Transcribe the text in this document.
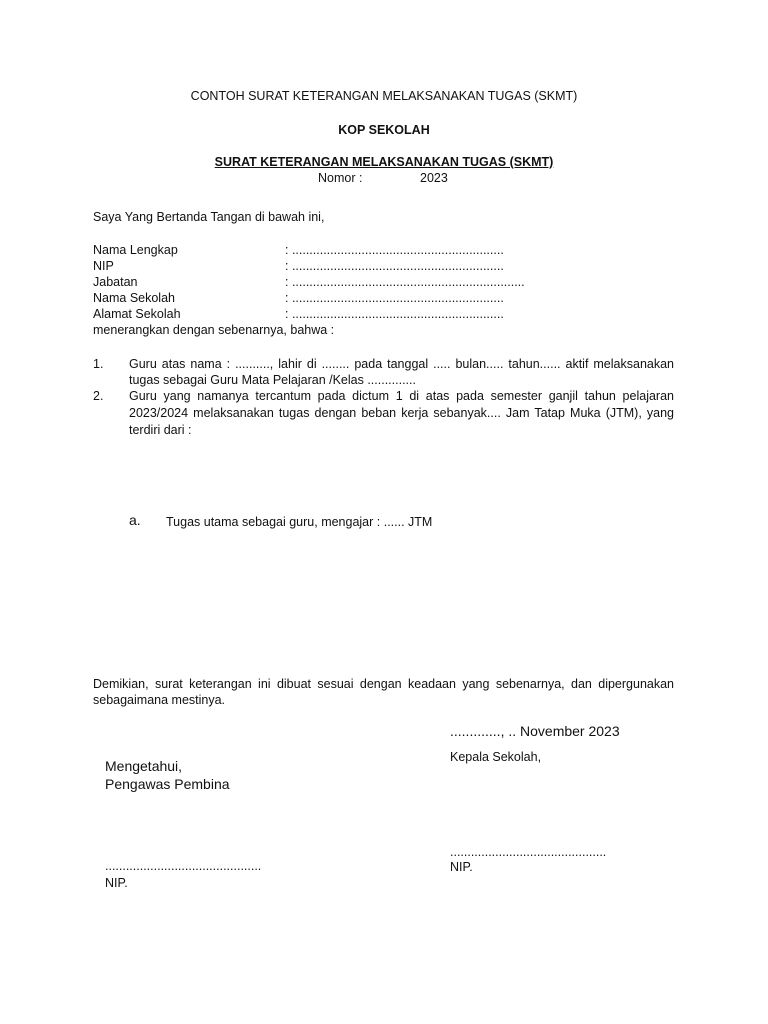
CONTOH SURAT KETERANGAN MELAKSANAKAN TUGAS (SKMT)
KOP SEKOLAH
SURAT KETERANGAN MELAKSANAKAN TUGAS (SKMT)
Nomor :	2023
Saya Yang Bertanda Tangan di bawah ini,
Nama Lengkap	: .............................................................
NIP	: .............................................................
Jabatan	: ...................................................................
Nama Sekolah	: .............................................................
Alamat Sekolah	: .............................................................
menerangkan dengan sebenarnya, bahwa :
1. Guru atas nama : .........., lahir di ........ pada tanggal ..... bulan..... tahun...... aktif melaksanakan
tugas sebagai Guru Mata Pelajaran /Kelas ..............
2. Guru yang namanya tercantum pada dictum 1 di atas pada semester ganjil tahun pelajaran
2023/2024 melaksanakan tugas dengan beban kerja sebanyak.... Jam Tatap Muka (JTM), yang
terdiri dari :
a. Tugas utama sebagai guru, mengajar : ...... JTM
Demikian, surat keterangan ini dibuat sesuai dengan keadaan yang sebenarnya, dan dipergunakan
sebagaimana mestinya.
............., .. November 2023
Kepala Sekolah,
Mengetahui,
Pengawas Pembina
.............................................
NIP.
.............................................
NIP.
